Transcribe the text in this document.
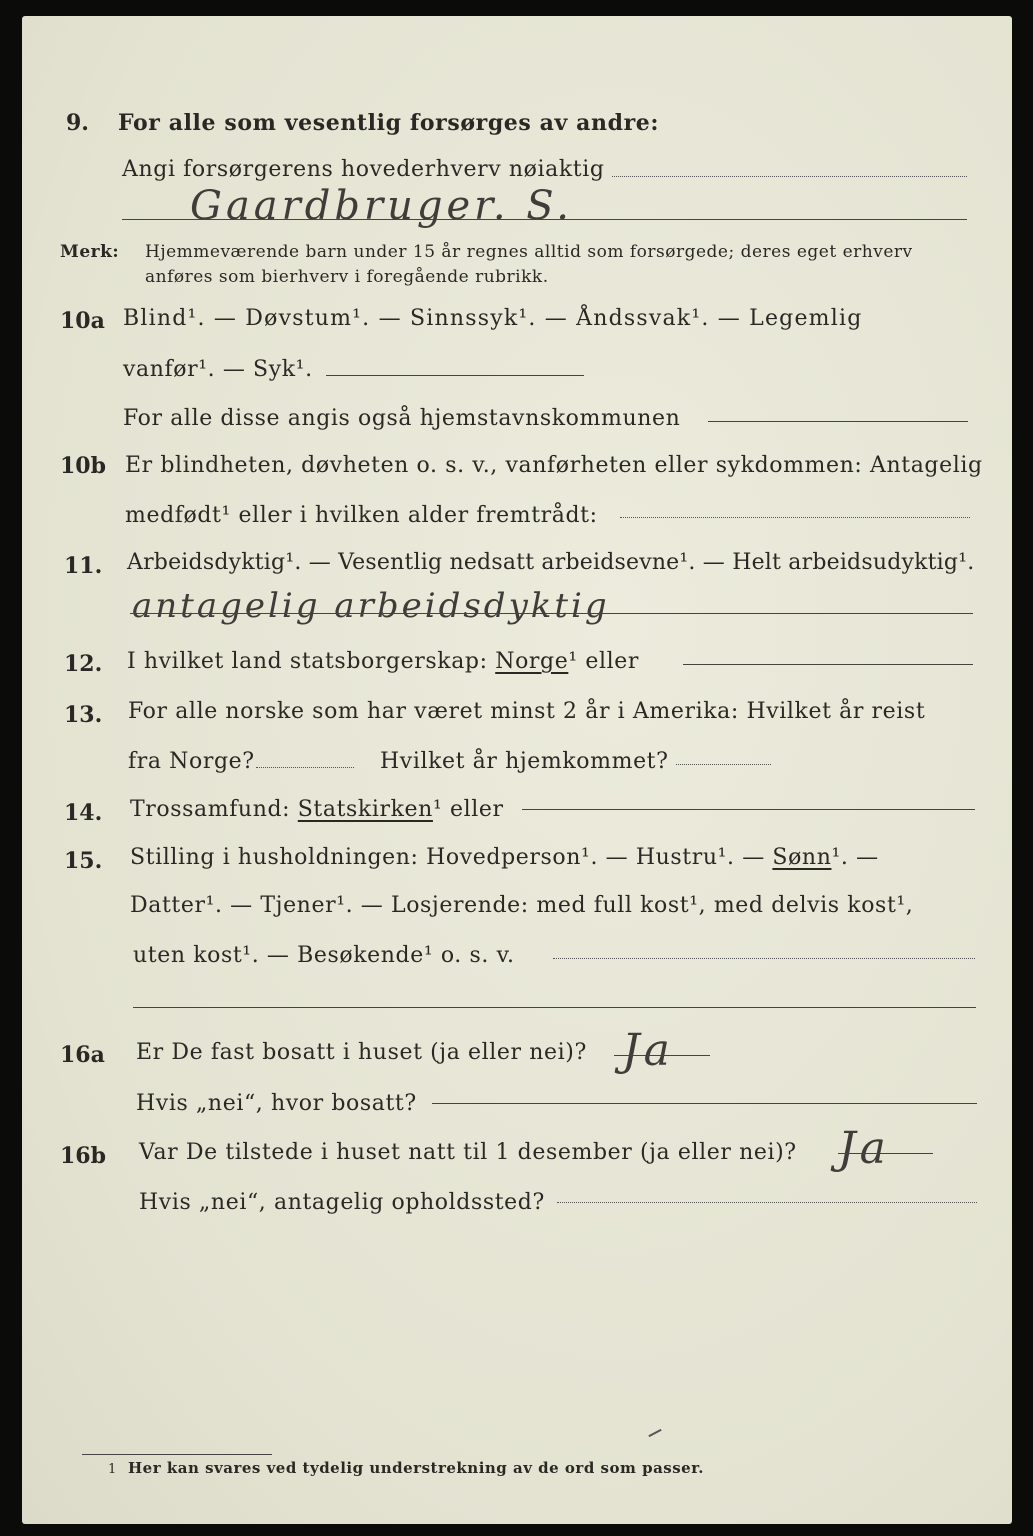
9. For alle som vesentlig forsørges av andre:
Angi forsørgerens hovederhverv nøiaktig
Gaardbruger. S.
Merk: Hjemmeværende barn under 15 år regnes alltid som forsørgede; deres eget erhverv
anføres som bierhverv i foregående rubrikk.
10a Blind¹. — Døvstum¹. — Sinnssyk¹. — Åndssvak¹. — Legemlig
vanfør¹. — Syk¹.
For alle disse angis også hjemstavnskommunen
10b Er blindheten, døvheten o. s. v., vanførheten eller sykdommen: Antagelig
medfødt¹ eller i hvilken alder fremtrådt:
11. Arbeidsdyktig¹. — Vesentlig nedsatt arbeidsevne¹. — Helt arbeidsudyktig¹.
antagelig arbeidsdyktig
12. I hvilket land statsborgerskap: Norge¹ eller
13. For alle norske som har været minst 2 år i Amerika: Hvilket år reist
fra Norge?	Hvilket år hjemkommet?
14. Trossamfund: Statskirken¹ eller
15. Stilling i husholdningen: Hovedperson¹. — Hustru¹. — Sønn¹. —
Datter¹. — Tjener¹. — Losjerende: med full kost¹, med delvis kost¹,
uten kost¹. — Besøkende¹ o. s. v.
16a Er De fast bosatt i huset (ja eller nei)? Ja
Hvis „nei“, hvor bosatt?
16b Var De tilstede i huset natt til 1 desember (ja eller nei)? Ja
Hvis „nei“, antagelig opholdssted?
1 Her kan svares ved tydelig understrekning av de ord som passer.
